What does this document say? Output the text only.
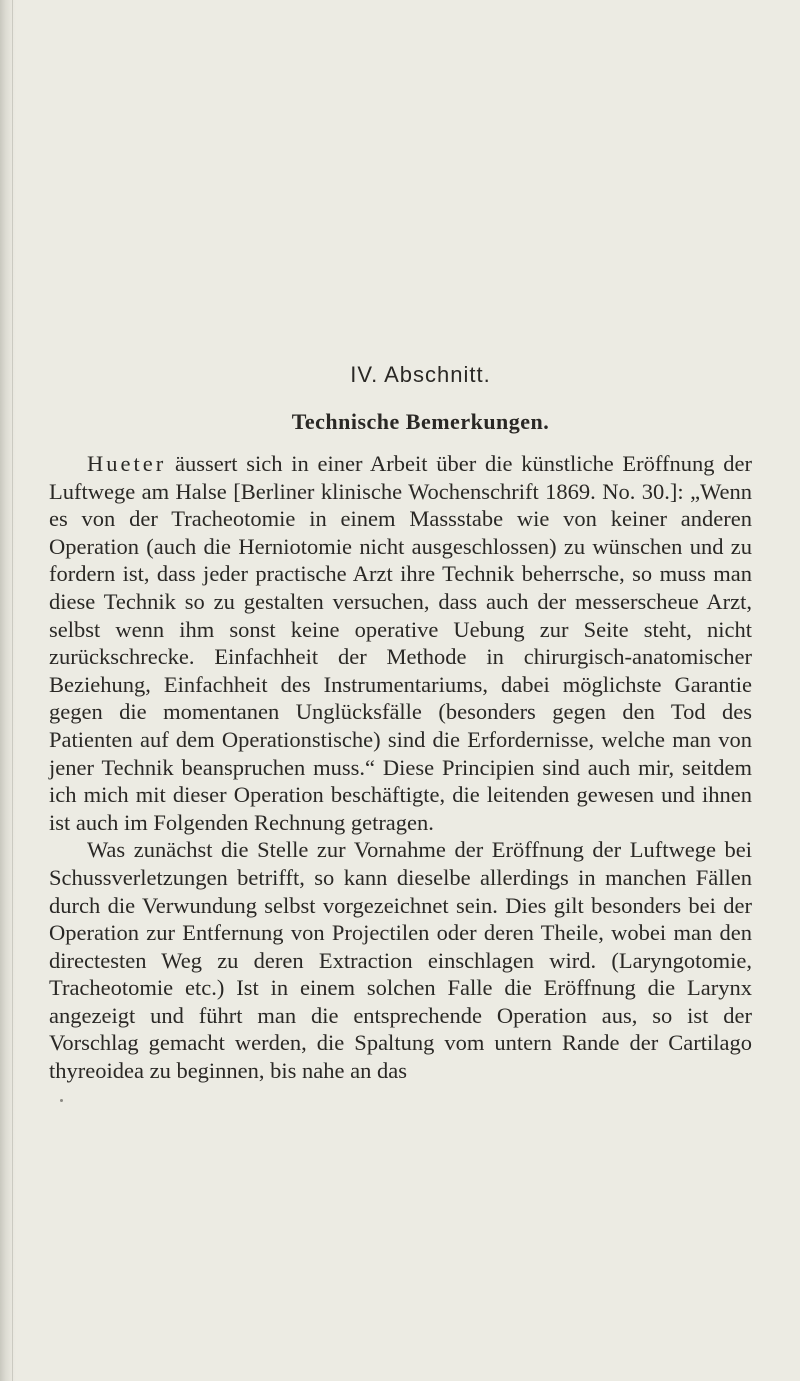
IV. Abschnitt.
Technische Bemerkungen.

Hueter äussert sich in einer Arbeit über die künstliche Eröffnung der Luftwege am Halse [Berliner klinische Wochenschrift 1869. No. 30.]: „Wenn es von der Tracheotomie in einem Massstabe wie von keiner anderen Operation (auch die Herniotomie nicht ausgeschlossen) zu wünschen und zu fordern ist, dass jeder practische Arzt ihre Technik beherrsche, so muss man diese Technik so zu gestalten versuchen, dass auch der messerscheue Arzt, selbst wenn ihm sonst keine operative Uebung zur Seite steht, nicht zurückschrecke. Einfachheit der Methode in chirurgisch-anatomischer Beziehung, Einfachheit des Instrumentariums, dabei möglichste Garantie gegen die momentanen Unglücksfälle (besonders gegen den Tod des Patienten auf dem Operationstische) sind die Erfordernisse, welche man von jener Technik beanspruchen muss.“ Diese Principien sind auch mir, seitdem ich mich mit dieser Operation beschäftigte, die leitenden gewesen und ihnen ist auch im Folgenden Rechnung getragen.

Was zunächst die Stelle zur Vornahme der Eröffnung der Luftwege bei Schussverletzungen betrifft, so kann dieselbe allerdings in manchen Fällen durch die Verwundung selbst vorgezeichnet sein. Dies gilt besonders bei der Operation zur Entfernung von Projectilen oder deren Theile, wobei man den directesten Weg zu deren Extraction einschlagen wird. (Laryngotomie, Tracheotomie etc.) Ist in einem solchen Falle die Eröffnung die Larynx angezeigt und führt man die entsprechende Operation aus, so ist der Vorschlag gemacht werden, die Spaltung vom untern Rande der Cartilago thyreoidea zu beginnen, bis nahe an das
